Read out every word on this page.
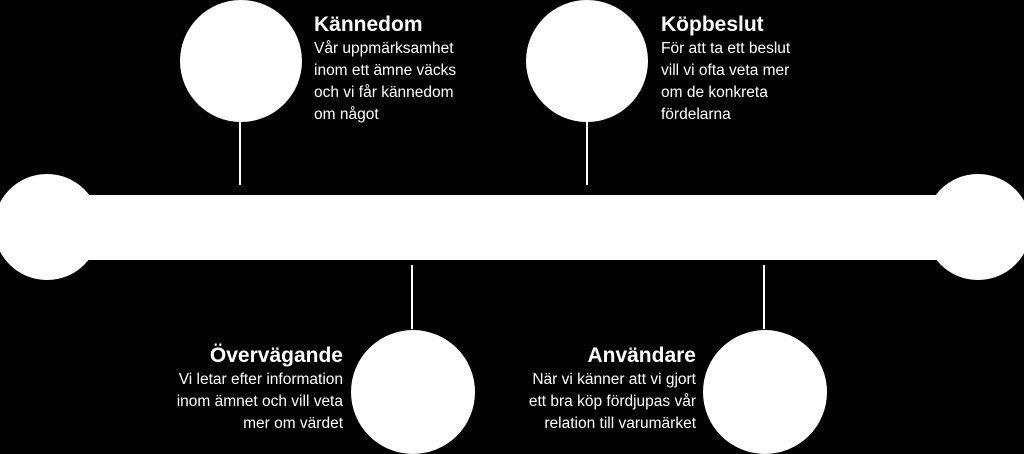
Kännedom
Vår uppmärksamhet
inom ett ämne väcks
och vi får kännedom
om något
Köpbeslut
För att ta ett beslut
vill vi ofta veta mer
om de konkreta
fördelarna
Övervägande
Vi letar efter information
inom ämnet och vill veta
mer om värdet
Användare
När vi känner att vi gjort
ett bra köp fördjupas vår
relation till varumärket
